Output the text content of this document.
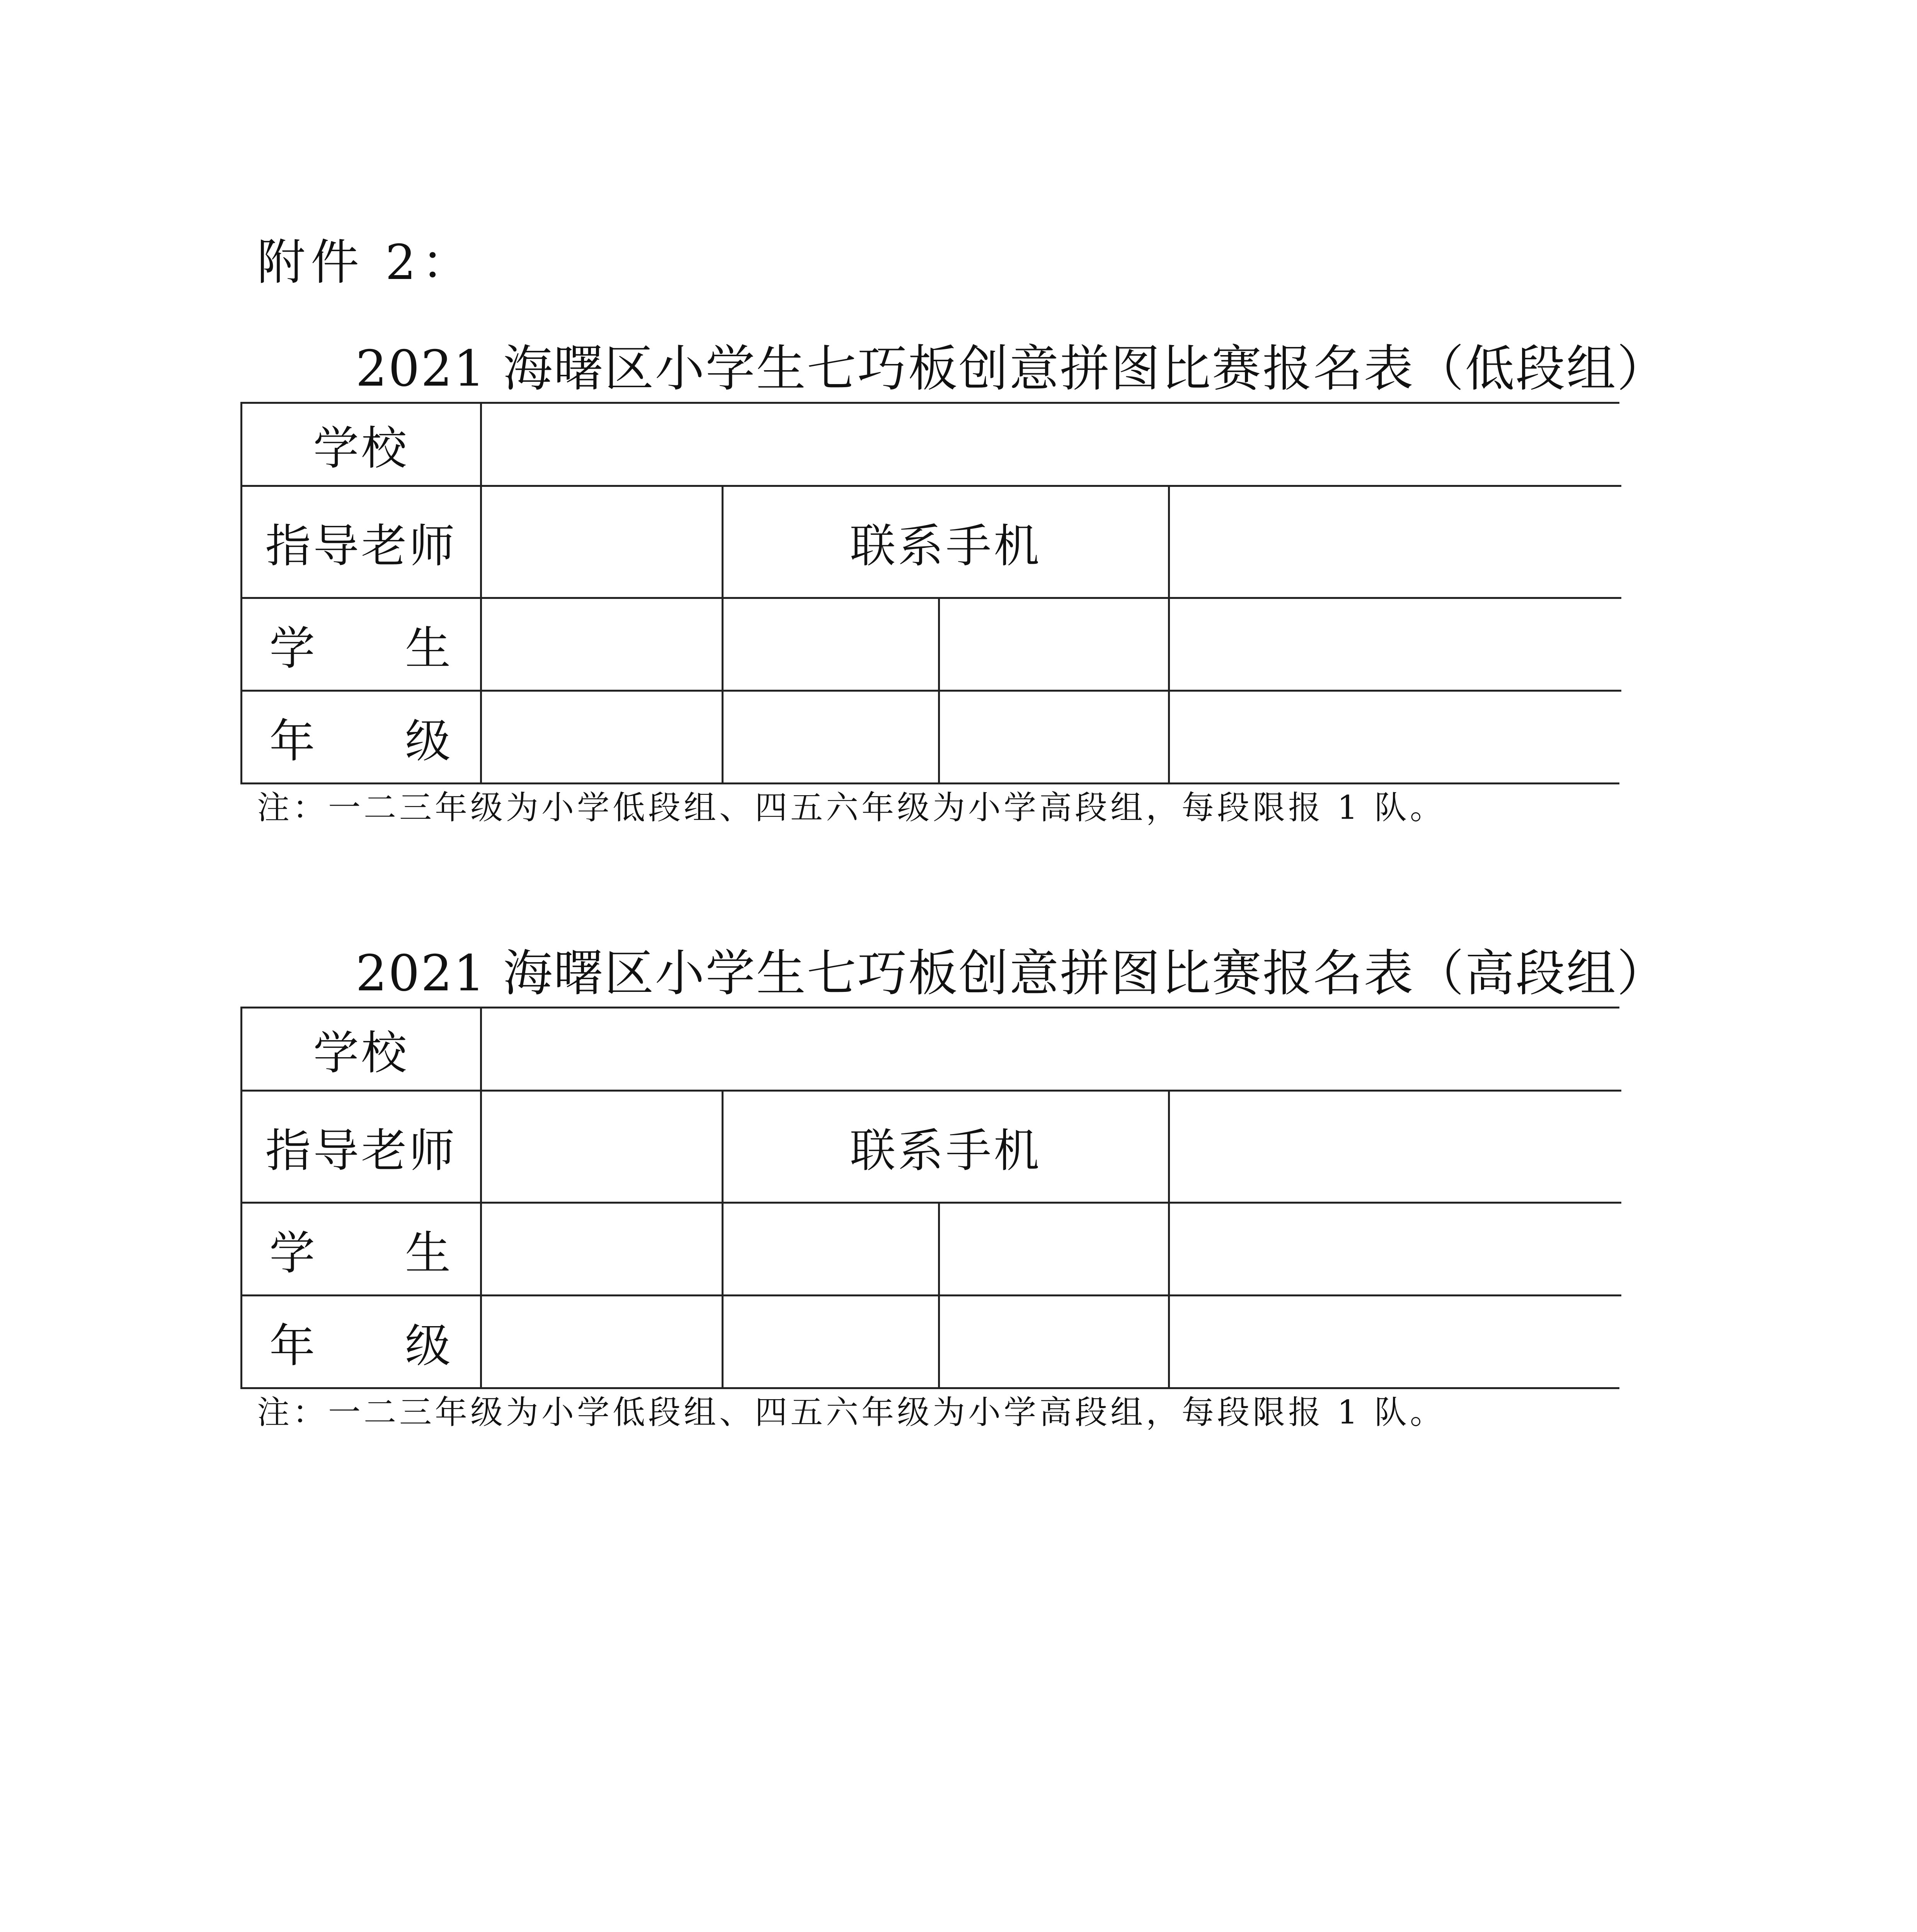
附件 2：
2021 海曙区小学生七巧板创意拼图比赛报名表（低段组）
学校
指导老师	联系手机
学 生
年 级
注：一二三年级为小学低段组、四五六年级为小学高段组，每段限报 1 队。
2021 海曙区小学生七巧板创意拼图比赛报名表（高段组）
学校
指导老师	联系手机
学 生
年 级
注：一二三年级为小学低段组、四五六年级为小学高段组，每段限报 1 队。
